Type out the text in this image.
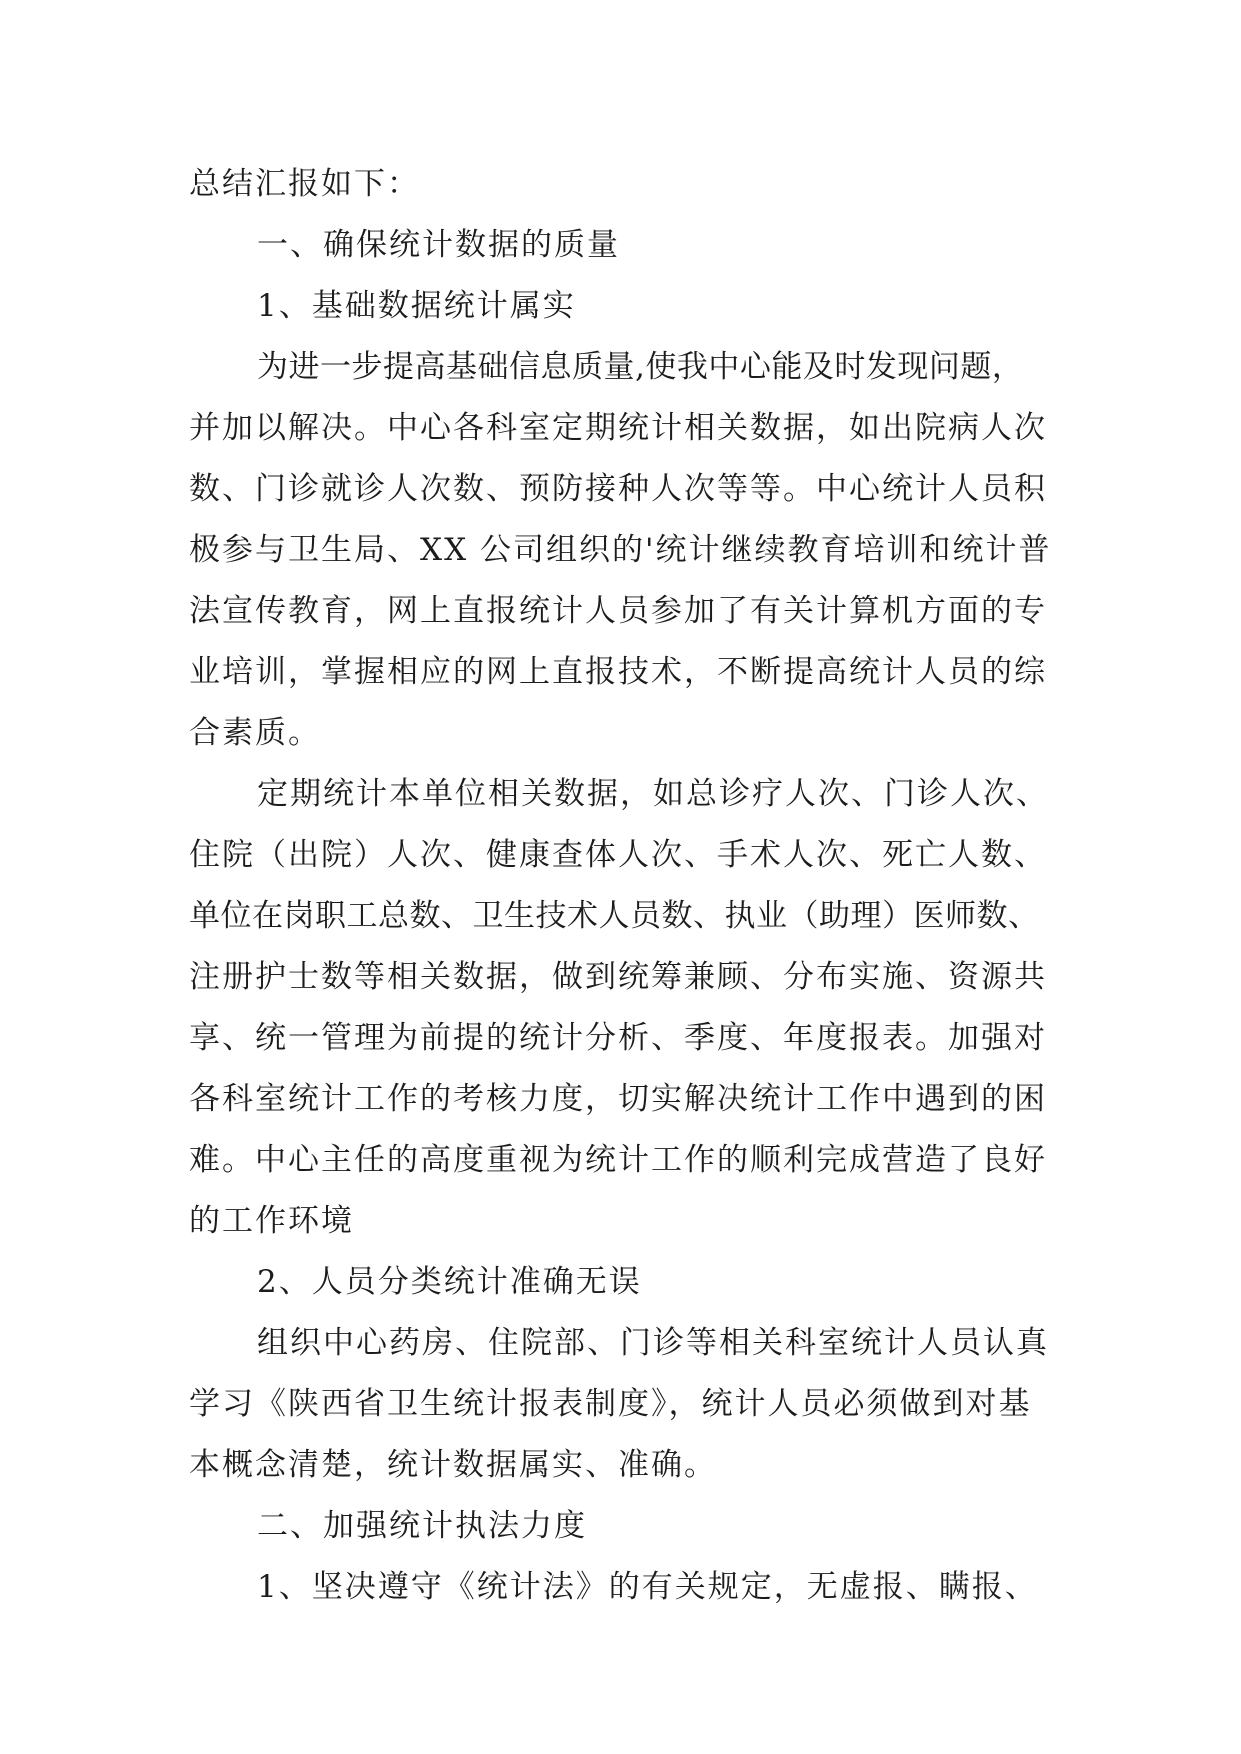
总结汇报如下：
一、确保统计数据的质量
1、基础数据统计属实
为进一步提高基础信息质量,使我中心能及时发现问题，
并加以解决。中心各科室定期统计相关数据，如出院病人次
数、门诊就诊人次数、预防接种人次等等。中心统计人员积
极参与卫生局、XX 公司组织的'统计继续教育培训和统计普
法宣传教育，网上直报统计人员参加了有关计算机方面的专
业培训，掌握相应的网上直报技术，不断提高统计人员的综
合素质。
定期统计本单位相关数据，如总诊疗人次、门诊人次、
住院（出院）人次、健康查体人次、手术人次、死亡人数、
单位在岗职工总数、卫生技术人员数、执业（助理）医师数、
注册护士数等相关数据，做到统筹兼顾、分布实施、资源共
享、统一管理为前提的统计分析、季度、年度报表。加强对
各科室统计工作的考核力度，切实解决统计工作中遇到的困
难。中心主任的高度重视为统计工作的顺利完成营造了良好
的工作环境
2、人员分类统计准确无误
组织中心药房、住院部、门诊等相关科室统计人员认真
学习《陕西省卫生统计报表制度》，统计人员必须做到对基
本概念清楚，统计数据属实、准确。
二、加强统计执法力度
1、坚决遵守《统计法》的有关规定，无虚报、瞒报、
